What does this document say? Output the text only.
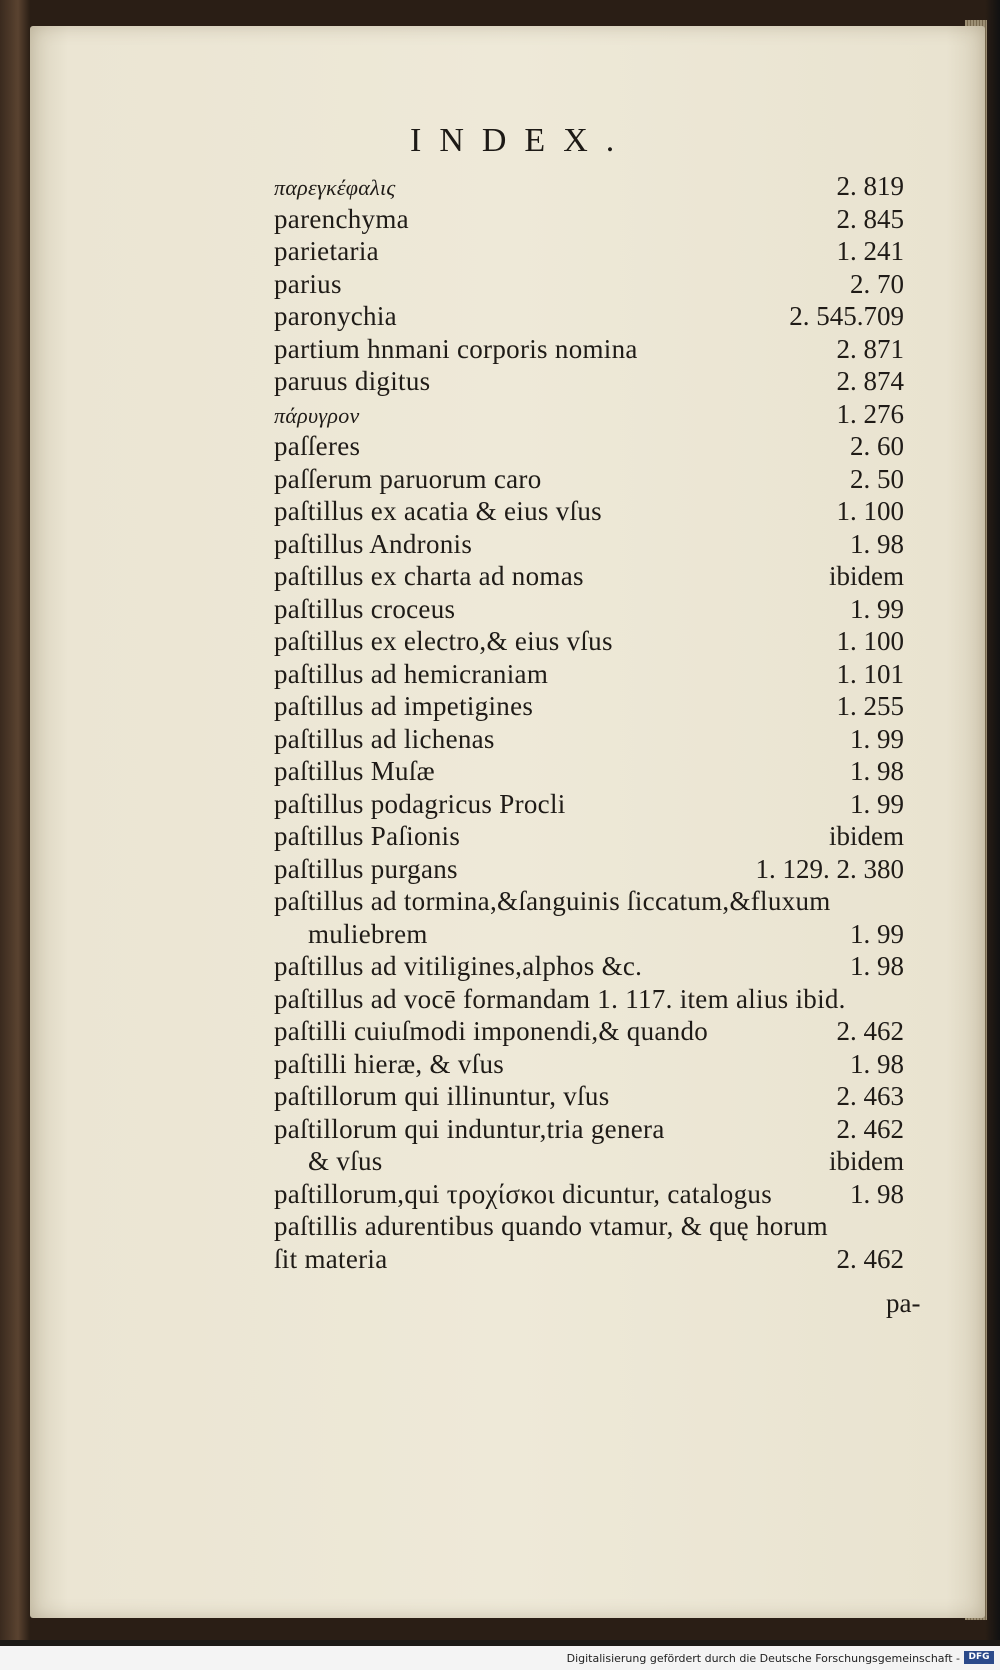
INDEX.
παρεγκέφαλις	2. 819
parenchyma	2. 845
parietaria	1. 241
parius	2. 70
paronychia	2. 545.709
partium hnmani corporis nomina	2. 871
paruus digitus	2. 874
πάρυγρον	1. 276
paſſeres	2. 60
paſſerum paruorum caro	2. 50
paſtillus ex acatia & eius vſus	1. 100
paſtillus Andronis	1. 98
paſtillus ex charta ad nomas	ibidem
paſtillus croceus	1. 99
paſtillus ex electro,& eius vſus	1. 100
paſtillus ad hemicraniam	1. 101
paſtillus ad impetigines	1. 255
paſtillus ad lichenas	1. 99
paſtillus Muſæ	1. 98
paſtillus podagricus Procli	1. 99
paſtillus Paſionis	ibidem
paſtillus purgans	1. 129. 2. 380
paſtillus ad tormina,&ſanguinis ſiccatum,&fluxum
muliebrem	1. 99
paſtillus ad vitiligines,alphos &c.	1. 98
paſtillus ad vocē formandam 1. 117. item alius ibid.
paſtilli cuiuſmodi imponendi,& quando	2. 462
paſtilli hieræ, & vſus	1. 98
paſtillorum qui illinuntur, vſus	2. 463
paſtillorum qui induntur,tria genera	2. 462
& vſus	ibidem
paſtillorum,qui τροχίσκοι dicuntur, catalogus	1. 98
paſtillis adurentibus quando vtamur, & quę horum
ſit materia	2. 462
pa-
Digitalisierung gefördert durch die Deutsche Forschungsgemeinschaft - DFG
